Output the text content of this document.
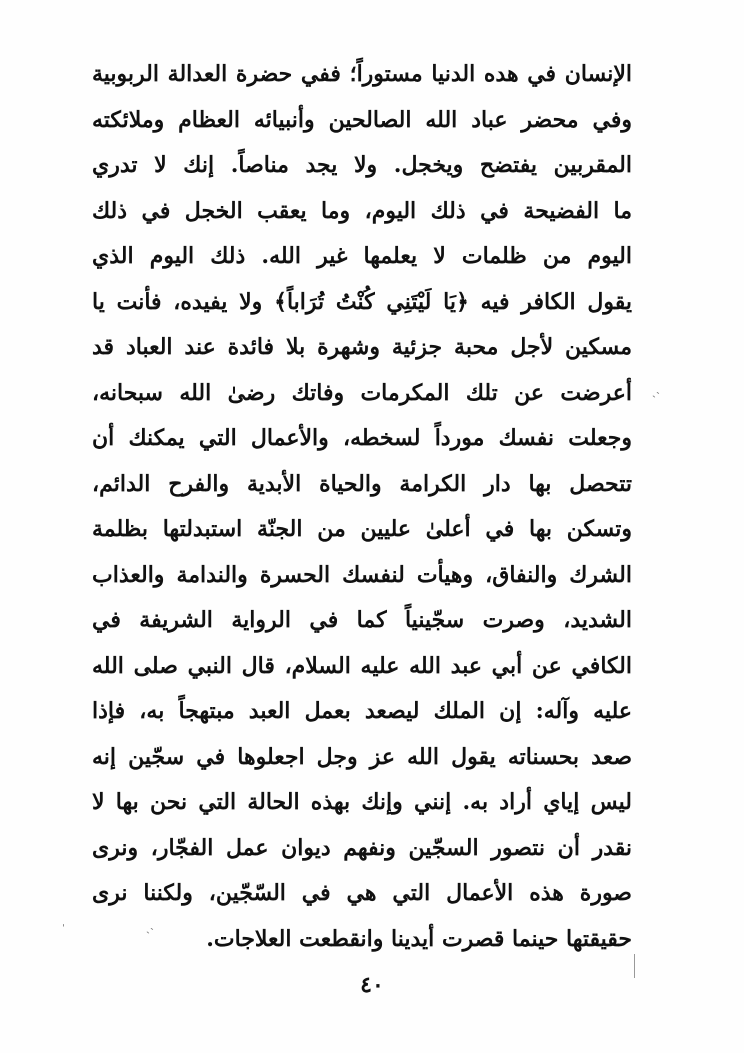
الإنسان في هده الدنيا مستوراً؛ ففي حضرة العدالة الربوبية
وفي محضر عباد الله الصالحين وأنبيائه العظام وملائكته
المقربين يفتضح ويخجل. ولا يجد مناصاً. إنك لا تدري
ما الفضيحة في ذلك اليوم، وما يعقب الخجل في ذلك
اليوم من ظلمات لا يعلمها غير الله. ذلك اليوم الذي
يقول الكافر فيه ﴿يَا لَيْتَنِي كُنْتُ تُرَاباً﴾ ولا يفيده، فأنت يا
مسكين لأجل محبة جزئية وشهرة بلا فائدة عند العباد قد
أعرضت عن تلك المكرمات وفاتك رضىٰ الله سبحانه،
وجعلت نفسك مورداً لسخطه، والأعمال التي يمكنك أن
تتحصل بها دار الكرامة والحياة الأبدية والفرح الدائم،
وتسكن بها في أعلىٰ عليين من الجنّة استبدلتها بظلمة
الشرك والنفاق، وهيأت لنفسك الحسرة والندامة والعذاب
الشديد، وصرت سجّينياً كما في الرواية الشريفة في
الكافي عن أبي عبد الله عليه السلام، قال النبي صلى الله
عليه وآله: إن الملك ليصعد بعمل العبد مبتهجاً به، فإذا
صعد بحسناته يقول الله عز وجل اجعلوها في سجّين إنه
ليس إياي أراد به. إنني وإنك بهذه الحالة التي نحن بها لا
نقدر أن نتصور السجّين ونفهم ديوان عمل الفجّار، ونرى
صورة هذه الأعمال التي هي في السّجّين، ولكننا نرى
حقيقتها حينما قصرت أيدينا وانقطعت العلاجات.
٤٠
ˏ˴
ˏ˴
ˈ
